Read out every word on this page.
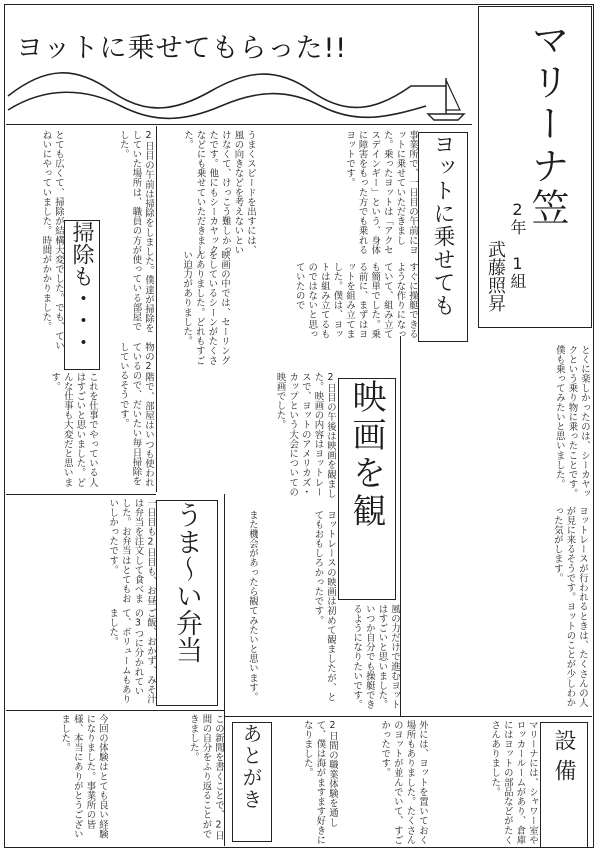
ヨットに乗せてもらった!!	マリーナ笠
2年 1組
武藤照昇
ヨットに乗せても
事業所で、一日目の午前にヨットに乗せていただきました。乗ったヨットは「アクセスデインギー」という、身体に障害をもった方でも乗れるヨットです。
すぐに操艇できるような作りになっていて、組み立ても簡単でした。乗る前に、まずはヨットを組み立てました。僕は、ヨットは組み立てるものではないと思っていたので
うまくスピードを出すには、風の向きなどを考えないといけなくて、けっこう難しかったです。他にもシーカヤックなどにも乗せていただきました。
とくに楽しかったのは、シーカヤックという乗り物に乗ったことです。僕も乗ってみたいと思いました。
掃除も・・・	2日目の午前は掃除をしました。僕達が掃除をしていた場所は、職員の方が使っている部屋でした。
物の2階で、部屋はいつも使われているので、だいたい毎日掃除をしているそうです。
とても広くて、掃除が結構大変でした。でも、ていねいにやっていました。時間がかかりました。
これを仕事でやっている人はすごいと思いました。どんな仕事も大変だと思います。	映画を観
2日目の午後は映画を観ました。映画の内容はヨットレースで、ヨットのアメリカズ・カップという大会についての映画でした。
映画の中では、セーリングをしているシーンがたくさんありました。どれもすごい迫力がありました。
ヨットレースの映画は初めて観ましたが、とてもおもしろかったです。
また機会があったら観てみたいと思います。	ヨットレースが行われるときは、たくさんの人が見に来るそうです。ヨットのことが少しわかった気がします。
風の力だけで進むヨットはすごいと思いました。いつか自分でも操艇できるようになりたいです。
設備
マリーナには、シャワー室やロッカールームがあり、倉庫にはヨットの部品などがたくさんありました。
外には、ヨットを置いておく場所もありました。たくさんのヨットが並んでいて、すごかったです。
うま〜い弁当
一日目も2日目も、お昼は弁当を注文して食べました。お弁当はとてもおいしかったです。
ご飯、おかず、みそ汁の3つに分かれていて、ボリュームもありました。
あとがき	2日間の職業体験を通して、僕は海がますます好きになりました。
この新聞を書くことで、2日間の自分をふり返ることができました。
今回の体験はとても良い経験になりました。事業所の皆様、本当にありがとうございました。
